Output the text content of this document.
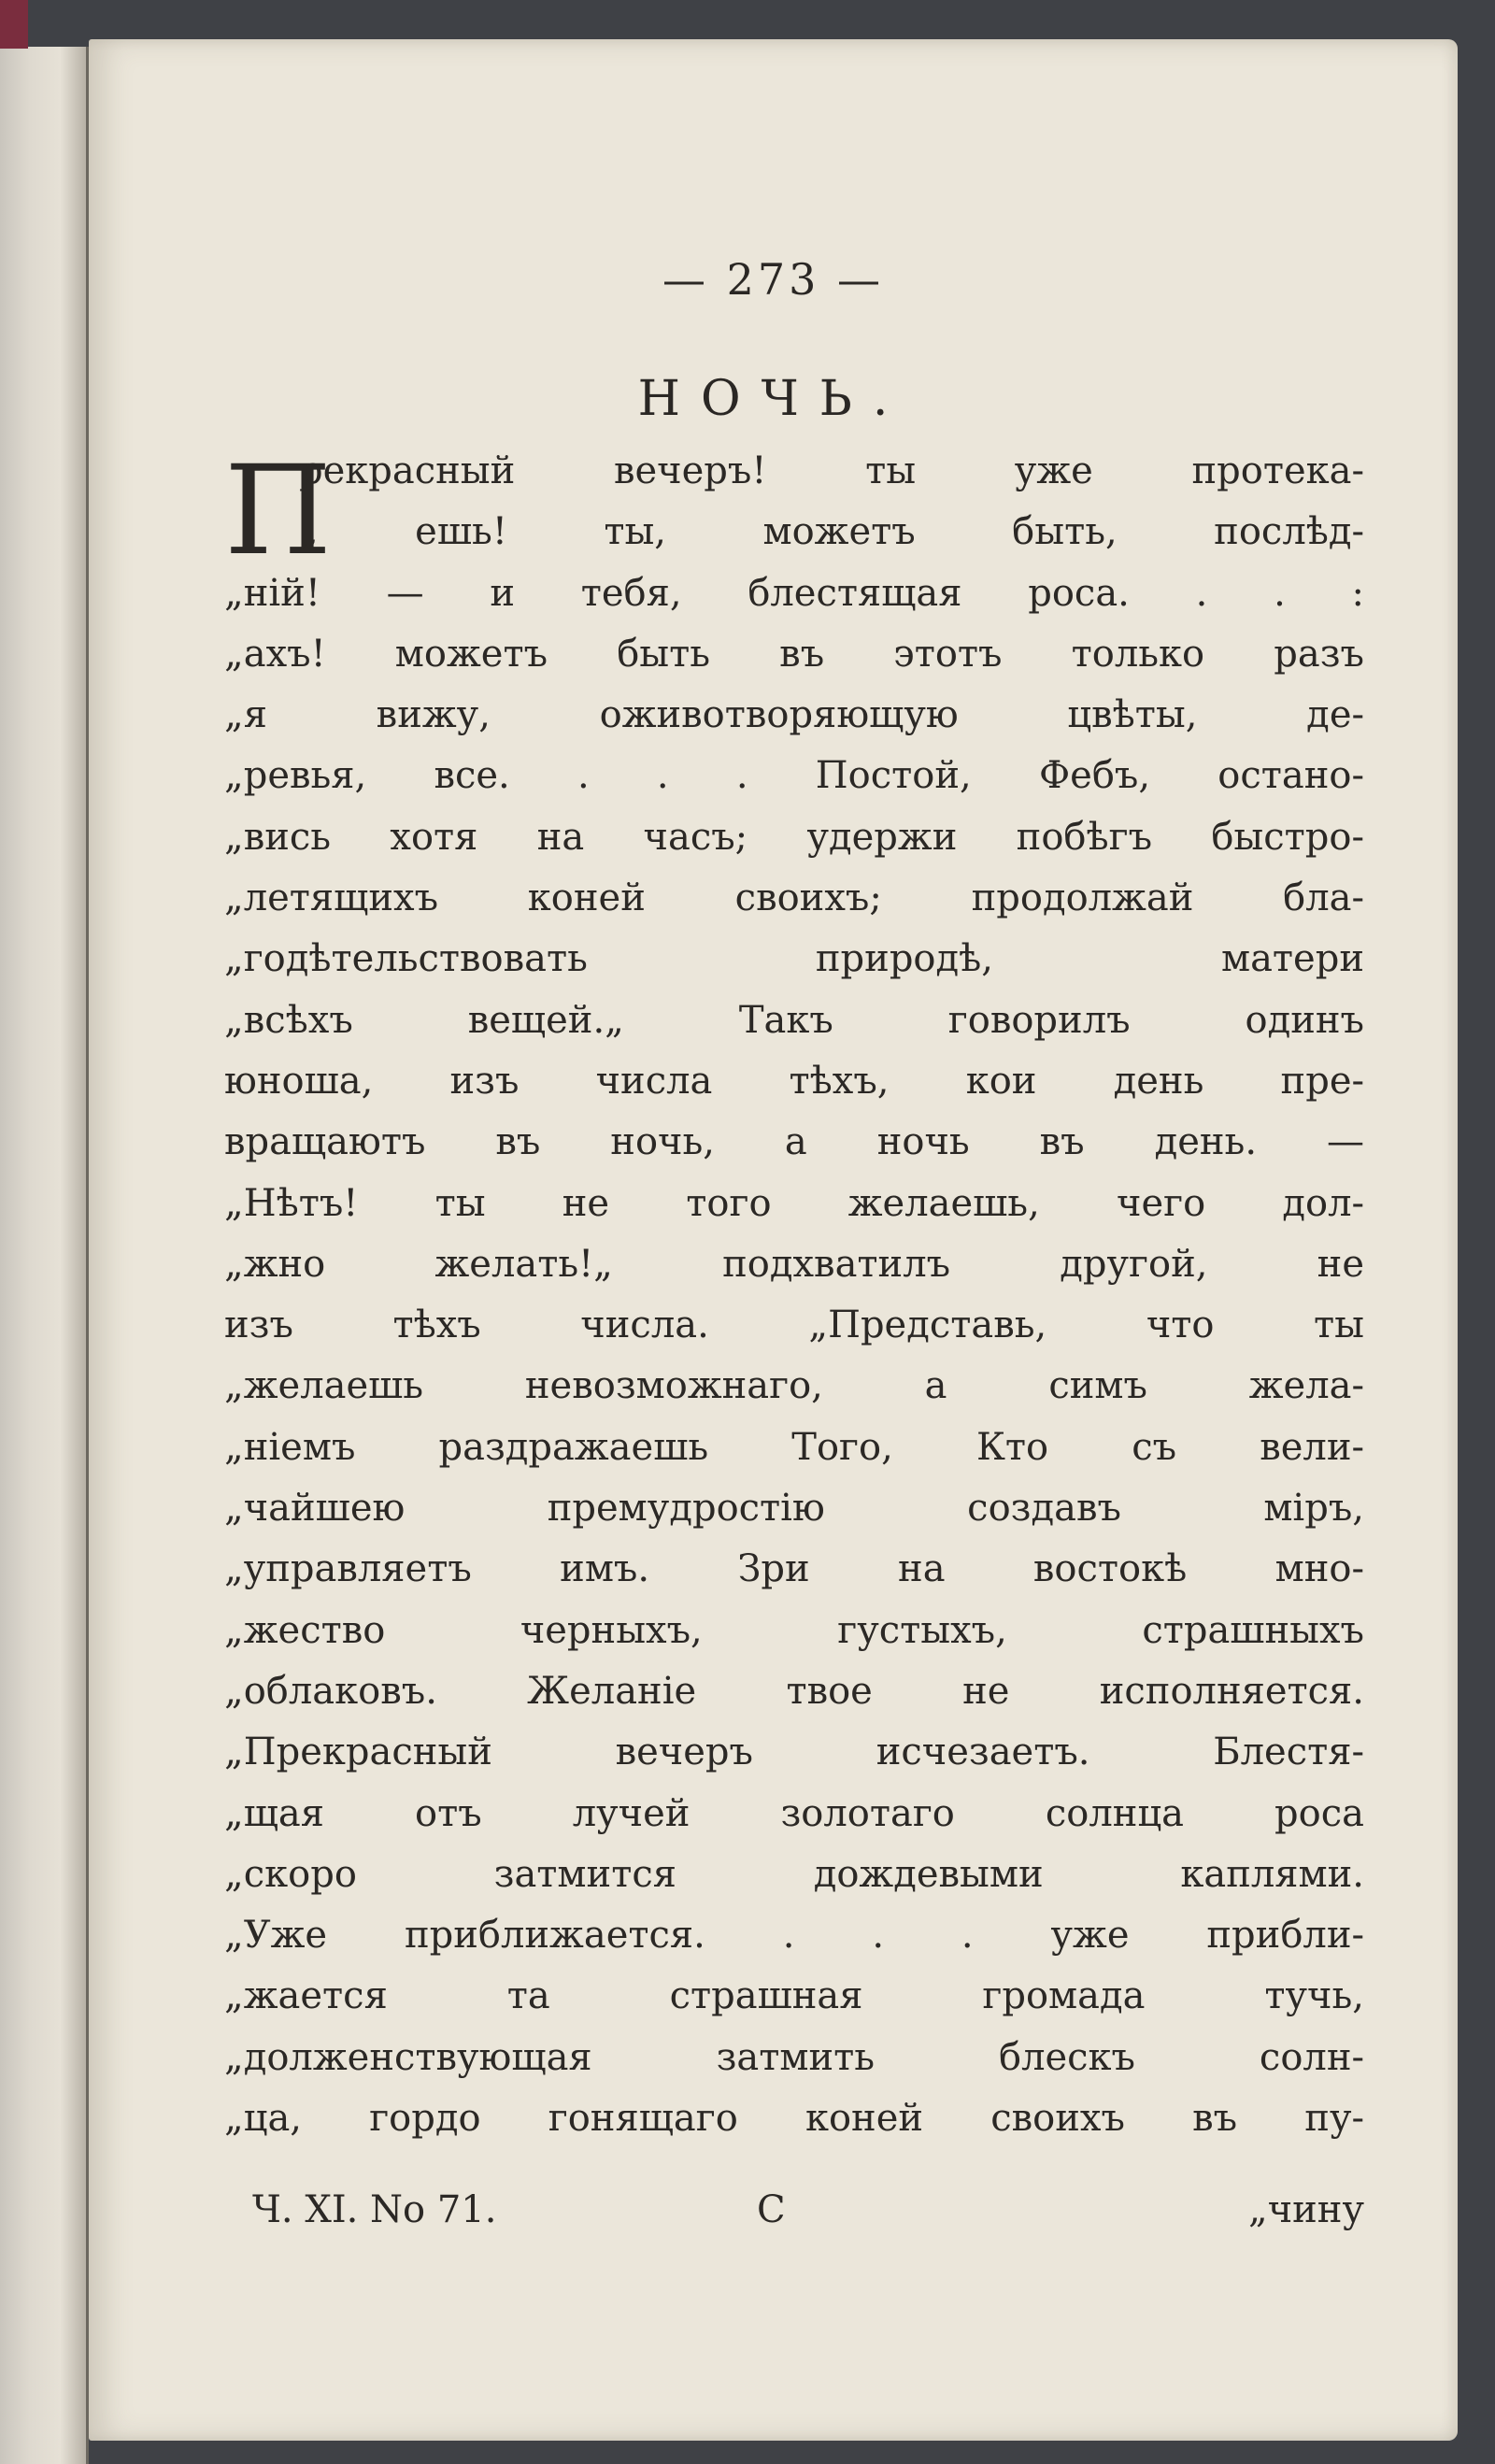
— 273 —
НОЧЬ.
П
рекрасный вечеръ! ты уже протека-
„ ешь! ты, можетъ быть, послѣд-
„ній! — и тебя, блестящая роса. . . :
„ахъ! можетъ быть въ этотъ только разъ
„я вижу, оживотворяющую цвѣты, де-
„ревья, все. . . . Постой, Фебъ, остано-
„вись хотя на часъ; удержи побѣгъ быстро-
„летящихъ коней своихъ; продолжай бла-
„годѣтельствовать природѣ, матери
„всѣхъ вещей.„ Такъ говорилъ одинъ
юноша, изъ числа тѣхъ, кои день пре-
вращаютъ въ ночь, а ночь въ день. —
„Нѣтъ! ты не того желаешь, чего дол-
„жно желать!„ подхватилъ другой, не
изъ тѣхъ числа. „Представь, что ты
„желаешь невозможнаго, а симъ жела-
„ніемъ раздражаешь Того, Кто съ вели-
„чайшею премудростію создавъ міръ,
„управляетъ имъ. Зри на востокѣ мно-
„жество черныхъ, густыхъ, страшныхъ
„облаковъ. Желаніе твое не исполняется.
„Прекрасный вечеръ исчезаетъ. Блестя-
„щая отъ лучей золотаго солнца роса
„скоро затмится дождевыми каплями.
„Уже приближается. . . . уже прибли-
„жается та страшная громада тучь,
„долженствующая затмить блескъ солн-
„ца, гордо гонящаго коней своихъ въ пу-
Ч. XI. No 71.	С	„чину
